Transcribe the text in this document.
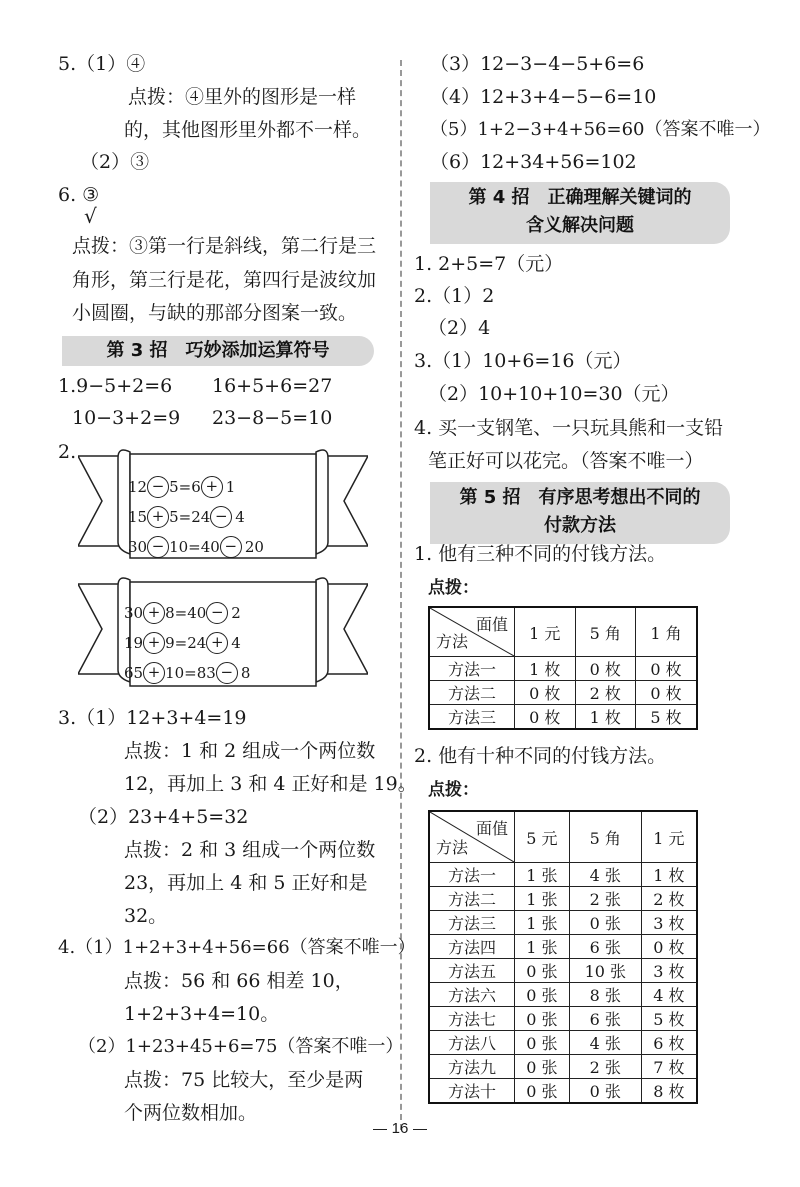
5.（1）④
点拨：④里外的图形是一样
的，其他图形里外都不一样。
（2）③
6. ③
√
点拨：③第一行是斜线，第二行是三
角形，第三行是花，第四行是波纹加
小圆圈，与缺的那部分图案一致。
第 3 招　巧妙添加运算符号
1.9−5+2=6 16+5+6=27
10−3+2=9 23−8−5=10
2.
12 − 5=6 + 1
15 + 5=24 − 4
30 − 10=40 − 20
30 + 8=40 − 2
19 + 9=24 + 4
65 + 10=83 − 8
3.（1）12+3+4=19
点拨：1 和 2 组成一个两位数
12，再加上 3 和 4 正好和是 19。
（2）23+4+5=32
点拨：2 和 3 组成一个两位数
23，再加上 4 和 5 正好和是
32。
4.（1）1+2+3+4+56=66（答案不唯一）
点拨：56 和 66 相差 10，
1+2+3+4=10。
（2）1+23+45+6=75（答案不唯一）
点拨：75 比较大，至少是两
个两位数相加。
（3）12−3−4−5+6=6
（4）12+3+4−5−6=10
（5）1+2−3+4+56=60（答案不唯一）
（6）12+34+56=102
第 4 招　正确理解关键词的
含义解决问题
1. 2+5=7（元）
2.（1）2
（2）4
3.（1）10+6=16（元）
（2）10+10+10=30（元）
4. 买一支钢笔、一只玩具熊和一支铅
笔正好可以花完。（答案不唯一）
第 5 招　有序思考想出不同的
付款方法
1. 他有三种不同的付钱方法。
点拨：
面值
方法	1 元	5 角	1 角
方法一	1 枚	0 枚	0 枚
方法二	0 枚	2 枚	0 枚
方法三	0 枚	1 枚	5 枚
2. 他有十种不同的付钱方法。
点拨：
面值
方法	5 元	5 角	1 元
方法一	1 张	4 张	1 枚
方法二	1 张	2 张	2 枚
方法三	1 张	0 张	3 枚
方法四	1 张	6 张	0 枚
方法五	0 张	10 张	3 枚
方法六	0 张	8 张	4 枚
方法七	0 张	6 张	5 枚
方法八	0 张	4 张	6 枚
方法九	0 张	2 张	7 枚
方法十	0 张	0 张	8 枚
16
